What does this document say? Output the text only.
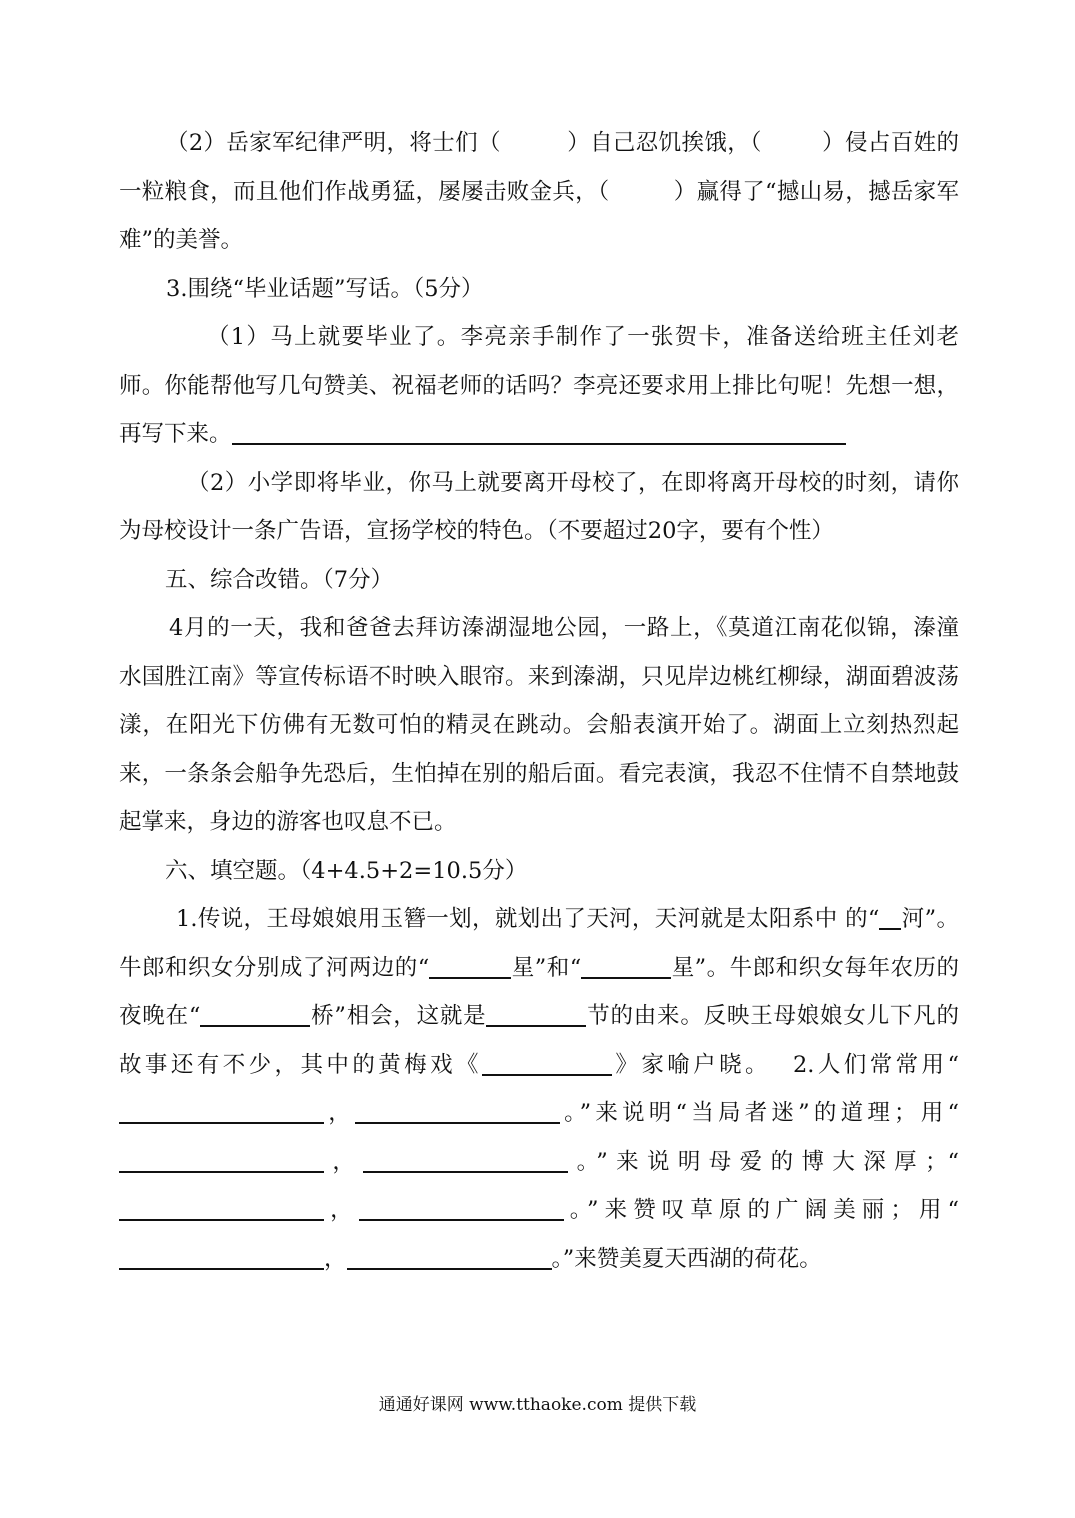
（2）岳家军纪律严明，将士们（	）自己忍饥挨饿，（	）侵占百姓的一粒粮食，而且他们作战勇猛，屡屡击败金兵，（	）赢得了“撼山易，撼岳家军难”的美誉。

3.围绕“毕业话题”写话。（5分）

（1）马上就要毕业了。李亮亲手制作了一张贺卡，准备送给班主任刘老师。你能帮他写几句赞美、祝福老师的话吗？李亮还要求用上排比句呢！先想一想，再写下来。

（2）小学即将毕业，你马上就要离开母校了，在即将离开母校的时刻，请你为母校设计一条广告语，宣扬学校的特色。（不要超过20字，要有个性）

五、综合改错。（7分）

4月的一天，我和爸爸去拜访溱湖湿地公园，一路上，《莫道江南花似锦，溱潼水国胜江南》等宣传标语不时映入眼帘。来到溱湖，只见岸边桃红柳绿，湖面碧波荡漾，在阳光下仿佛有无数可怕的精灵在跳动。会船表演开始了。湖面上立刻热烈起来，一条条会船争先恐后，生怕掉在别的船后面。看完表演，我忍不住情不自禁地鼓起掌来，身边的游客也叹息不已。

六、填空题。（4+4.5+2=10.5分）

1.传说，王母娘娘用玉簪一划，就划出了天河，天河就是太阳系中 的“ 河”。牛郎和织女分别成了河两边的“	星”和“	星”。牛郎和织女每年农历的夜晚在“	桥”相会，这就是	节的由来。反映王母娘娘女儿下凡的故事还有不少，其中的黄梅戏《	》家喻户晓。 2.人们常常用“，	。”来说明“当局者迷”的道理；用“，	。”来说明母爱的博大深厚；“，	。”来赞叹草原的广阔美丽；用“，	。”来赞美夏天西湖的荷花。

通通好课网 www.tthaoke.com 提供下载
